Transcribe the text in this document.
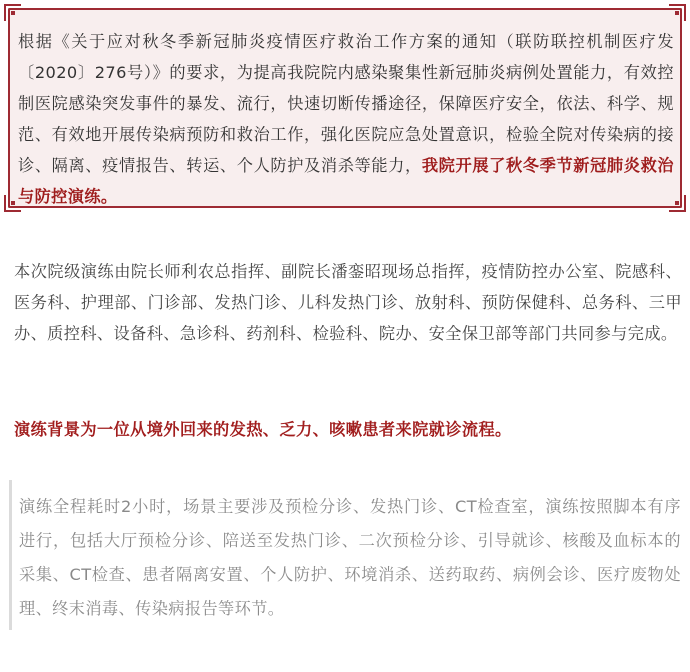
根据《关于应对秋冬季新冠肺炎疫情医疗救治工作方案的通知（联防联控机制医疗发〔2020〕276号）》的要求，为提高我院院内感染聚集性新冠肺炎病例处置能力，有效控制医院感染突发事件的暴发、流行，快速切断传播途径，保障医疗安全，依法、科学、规范、有效地开展传染病预防和救治工作，强化医院应急处置意识，检验全院对传染病的接诊、隔离、疫情报告、转运、个人防护及消杀等能力，我院开展了秋冬季节新冠肺炎救治与防控演练。

本次院级演练由院长师利农总指挥、副院长潘銮昭现场总指挥，疫情防控办公室、院感科、医务科、护理部、门诊部、发热门诊、儿科发热门诊、放射科、预防保健科、总务科、三甲办、质控科、设备科、急诊科、药剂科、检验科、院办、安全保卫部等部门共同参与完成。

演练背景为一位从境外回来的发热、乏力、咳嗽患者来院就诊流程。

演练全程耗时2小时，场景主要涉及预检分诊、发热门诊、CT检查室，演练按照脚本有序进行，包括大厅预检分诊、陪送至发热门诊、二次预检分诊、引导就诊、核酸及血标本的采集、CT检查、患者隔离安置、个人防护、环境消杀、送药取药、病例会诊、医疗废物处理、终末消毒、传染病报告等环节。
